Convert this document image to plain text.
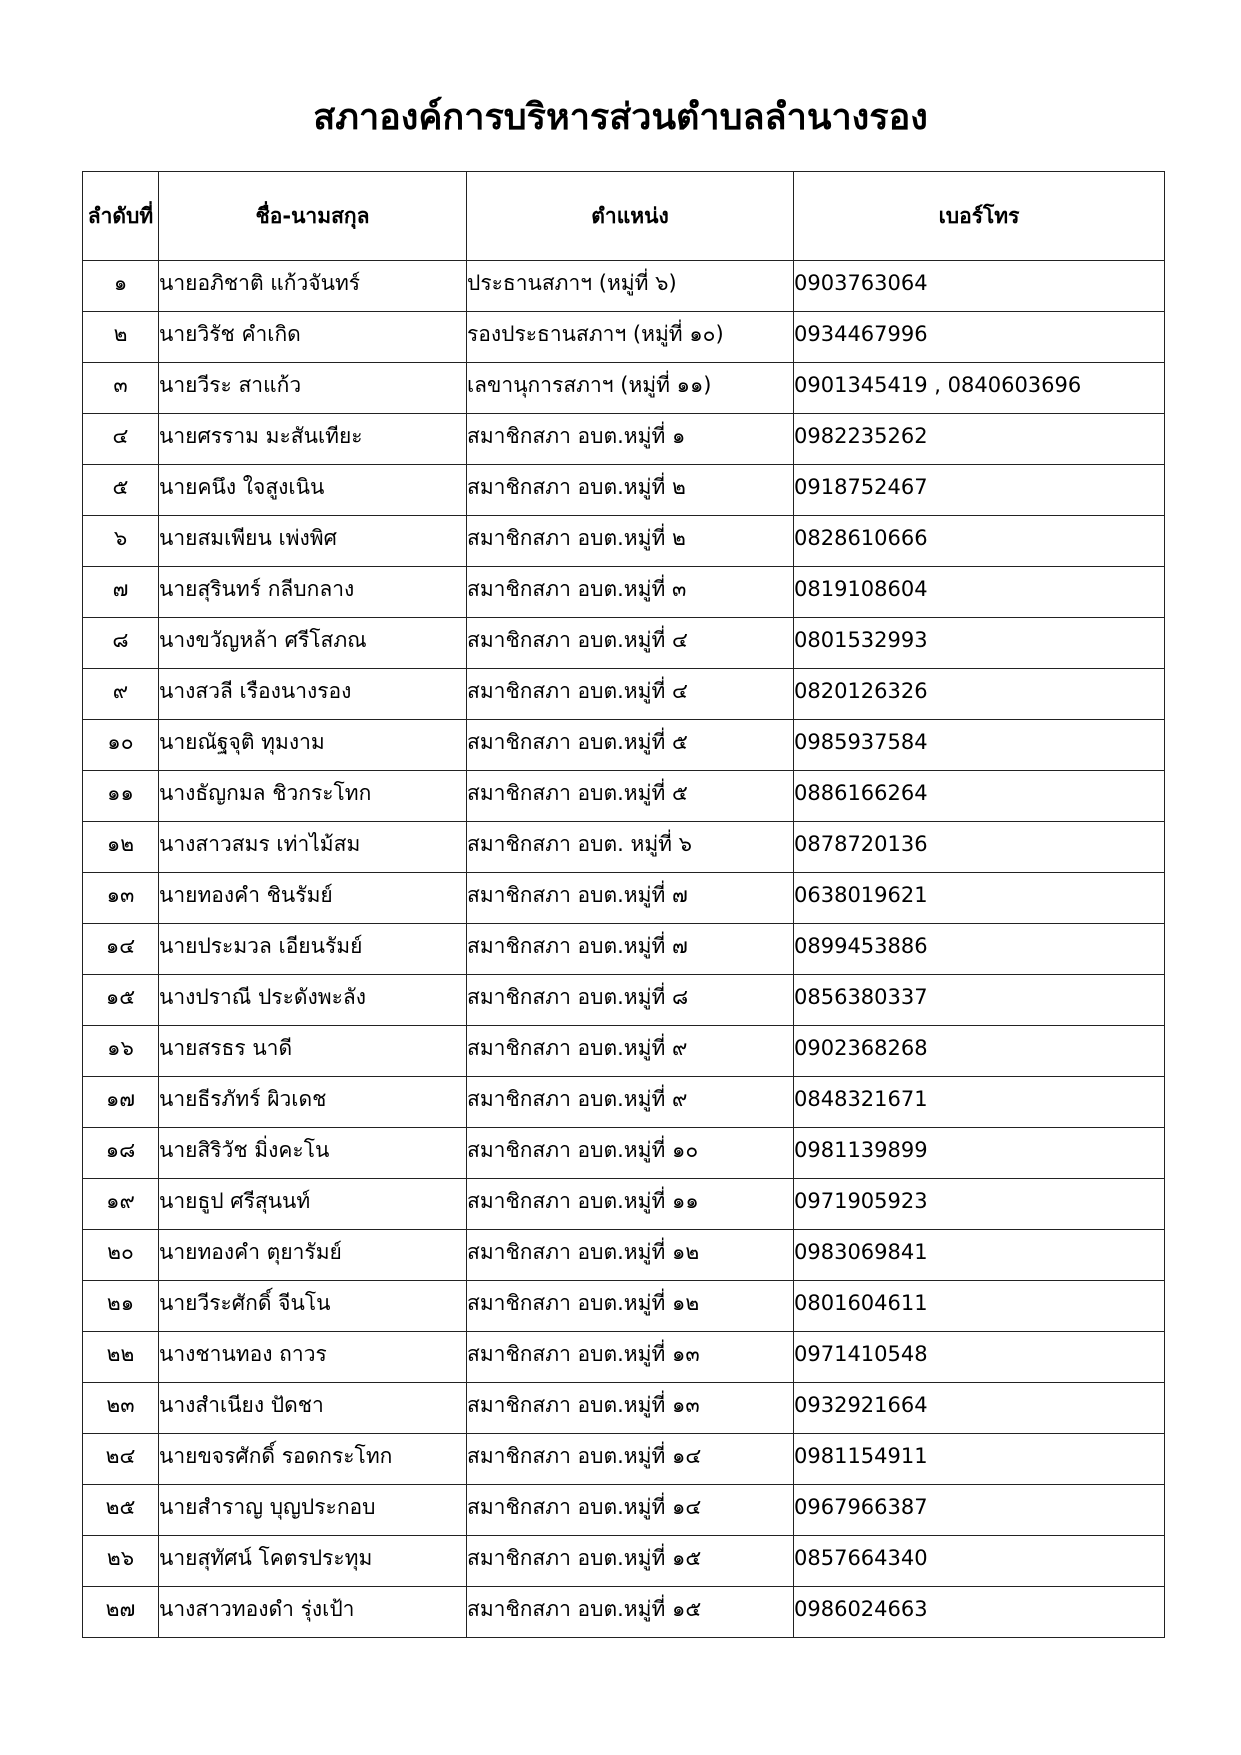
สภาองค์การบริหารส่วนตำบลลำนางรอง
ลำดับที่	ชื่อ-นามสกุล	ตำแหน่ง	เบอร์โทร
๑	นายอภิชาติ แก้วจันทร์	ประธานสภาฯ (หมู่ที่ ๖)	0903763064
๒	นายวิรัช คำเกิด	รองประธานสภาฯ (หมู่ที่ ๑๐)	0934467996
๓	นายวีระ สาแก้ว	เลขานุการสภาฯ (หมู่ที่ ๑๑)	0901345419 , 0840603696
๔	นายศรราม มะสันเทียะ	สมาชิกสภา อบต.หมู่ที่ ๑	0982235262
๕	นายคนึง ใจสูงเนิน	สมาชิกสภา อบต.หมู่ที่ ๒	0918752467
๖	นายสมเพียน เพ่งพิศ	สมาชิกสภา อบต.หมู่ที่ ๒	0828610666
๗	นายสุรินทร์ กลีบกลาง	สมาชิกสภา อบต.หมู่ที่ ๓	0819108604
๘	นางขวัญหล้า ศรีโสภณ	สมาชิกสภา อบต.หมู่ที่ ๔	0801532993
๙	นางสวลี เรืองนางรอง	สมาชิกสภา อบต.หมู่ที่ ๔	0820126326
๑๐	นายณัฐจุติ ทุมงาม	สมาชิกสภา อบต.หมู่ที่ ๕	0985937584
๑๑	นางธัญกมล ชิวกระโทก	สมาชิกสภา อบต.หมู่ที่ ๕	0886166264
๑๒	นางสาวสมร เท่าไม้สม	สมาชิกสภา อบต. หมู่ที่ ๖	0878720136
๑๓	นายทองคำ ชินรัมย์	สมาชิกสภา อบต.หมู่ที่ ๗	0638019621
๑๔	นายประมวล เอียนรัมย์	สมาชิกสภา อบต.หมู่ที่ ๗	0899453886
๑๕	นางปราณี ประดังพะลัง	สมาชิกสภา อบต.หมู่ที่ ๘	0856380337
๑๖	นายสรธร นาดี	สมาชิกสภา อบต.หมู่ที่ ๙	0902368268
๑๗	นายธีรภัทร์ ผิวเดช	สมาชิกสภา อบต.หมู่ที่ ๙	0848321671
๑๘	นายสิริวัช มิ่งคะโน	สมาชิกสภา อบต.หมู่ที่ ๑๐	0981139899
๑๙	นายธูป ศรีสุนนท์	สมาชิกสภา อบต.หมู่ที่ ๑๑	0971905923
๒๐	นายทองคำ ตุยารัมย์	สมาชิกสภา อบต.หมู่ที่ ๑๒	0983069841
๒๑	นายวีระศักดิ์ จีนโน	สมาชิกสภา อบต.หมู่ที่ ๑๒	0801604611
๒๒	นางชานทอง ถาวร	สมาชิกสภา อบต.หมู่ที่ ๑๓	0971410548
๒๓	นางสำเนียง ปัดชา	สมาชิกสภา อบต.หมู่ที่ ๑๓	0932921664
๒๔	นายขจรศักดิ์ รอดกระโทก	สมาชิกสภา อบต.หมู่ที่ ๑๔	0981154911
๒๕	นายสำราญ บุญประกอบ	สมาชิกสภา อบต.หมู่ที่ ๑๔	0967966387
๒๖	นายสุทัศน์ โคตรประทุม	สมาชิกสภา อบต.หมู่ที่ ๑๕	0857664340
๒๗	นางสาวทองดำ รุ่งเป้า	สมาชิกสภา อบต.หมู่ที่ ๑๕	0986024663
